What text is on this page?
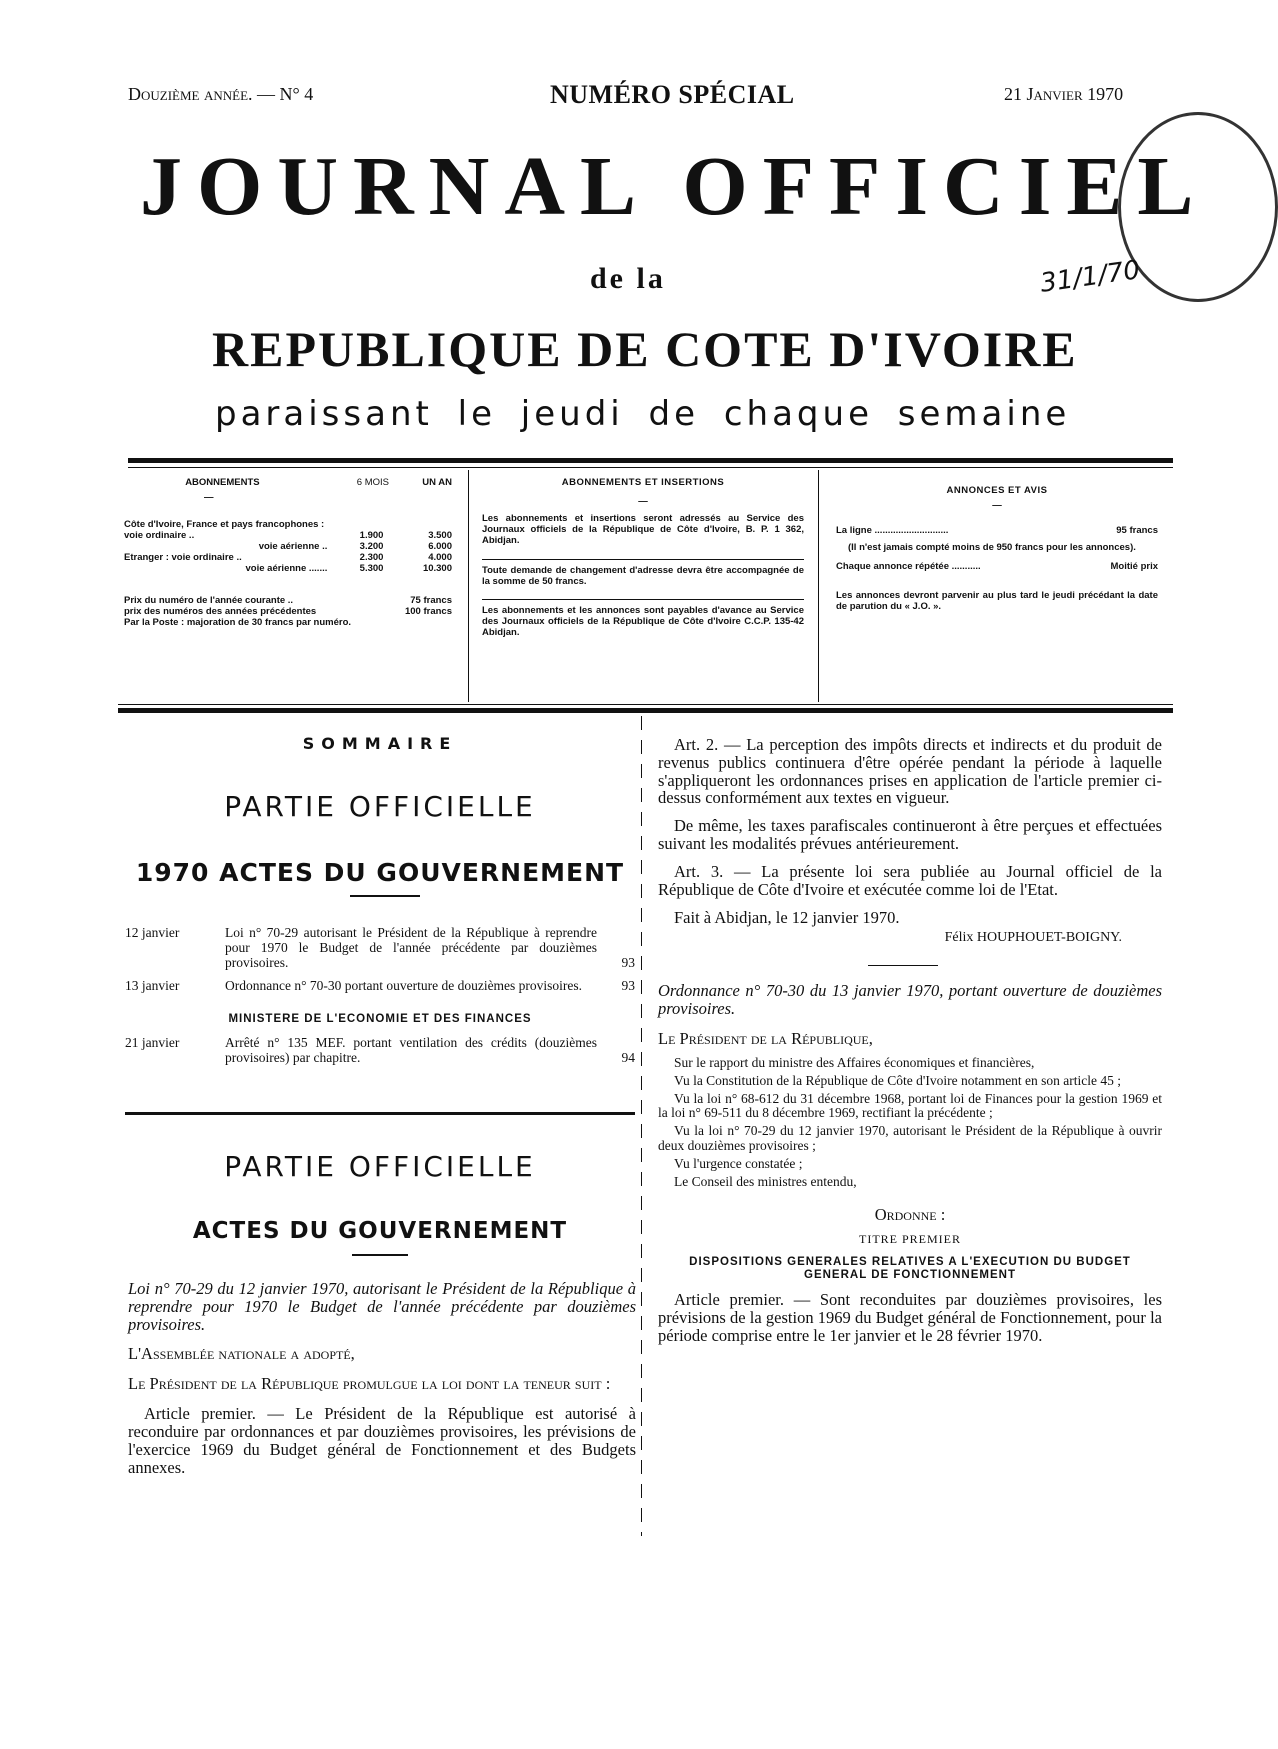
Douzième année. — N° 4	NUMÉRO SPÉCIAL	21 Janvier 1970
JOURNAL OFFICIEL
de la
REPUBLIQUE DE COTE D'IVOIRE
paraissant le jeudi de chaque semaine
31/1/70
ABONNEMENTS	6 MOIS	UN AN
—
Côte d'Ivoire, France et pays francophones : voie ordinaire ..	1.900	3.500
voie aérienne ..	3.200	6.000
Etranger : voie ordinaire ..	2.300	4.000
voie aérienne .......	5.300	10.300
Prix du numéro de l'année courante ..	75 francs
prix des numéros des années précédentes	100 francs
Par la Poste : majoration de 30 francs par numéro.	
ABONNEMENTS ET INSERTIONS
—

Les abonnements et insertions seront adressés au Service des Journaux officiels de la République de Côte d'Ivoire, B. P. 1 362, Abidjan.

Toute demande de changement d'adresse devra être accompagnée de la somme de 50 francs.

Les abonnements et les annonces sont payables d'avance au Service des Journaux officiels de la République de Côte d'Ivoire C.C.P. 135-42 Abidjan.

ANNONCES ET AVIS
—
La ligne ............................	95 francs

(Il n'est jamais compté moins de 950 francs pour les annonces).

Chaque annonce répétée ...........	Moitié prix

Les annonces devront parvenir au plus tard le jeudi précédant la date de parution du « J.O. ».

SOMMAIRE
PARTIE OFFICIELLE
1970 ACTES DU GOUVERNEMENT
12 janvier	Loi n° 70-29 autorisant le Président de la République à reprendre pour 1970 le Budget de l'année précédente par douzièmes provisoires.	93
13 janvier	Ordonnance n° 70-30 portant ouverture de douzièmes provisoires.	93
MINISTERE DE L'ECONOMIE ET DES FINANCES
21 janvier	Arrêté n° 135 MEF. portant ventilation des crédits (douzièmes provisoires) par chapitre.	94
PARTIE OFFICIELLE
ACTES DU GOUVERNEMENT

Loi n° 70-29 du 12 janvier 1970, autorisant le Président de la République à reprendre pour 1970 le Budget de l'année précédente par douzièmes provisoires.

L'Assemblée nationale a adopté,

Le Président de la République promulgue la loi dont la teneur suit :

Article premier. — Le Président de la République est autorisé à reconduire par ordonnances et par douzièmes provisoires, les prévisions de l'exercice 1969 du Budget général de Fonctionnement et des Budgets annexes.

Art. 2. — La perception des impôts directs et indirects et du produit de revenus publics continuera d'être opérée pendant la période à laquelle s'appliqueront les ordonnances prises en application de l'article premier ci-dessus conformément aux textes en vigueur.

De même, les taxes parafiscales continueront à être perçues et effectuées suivant les modalités prévues antérieurement.

Art. 3. — La présente loi sera publiée au Journal officiel de la République de Côte d'Ivoire et exécutée comme loi de l'Etat.

Fait à Abidjan, le 12 janvier 1970.

Félix HOUPHOUET-BOIGNY.

Ordonnance n° 70-30 du 13 janvier 1970, portant ouverture de douzièmes provisoires.

Le Président de la République,

Sur le rapport du ministre des Affaires économiques et financières,

Vu la Constitution de la République de Côte d'Ivoire notamment en son article 45 ;

Vu la loi n° 68-612 du 31 décembre 1968, portant loi de Finances pour la gestion 1969 et la loi n° 69-511 du 8 décembre 1969, rectifiant la précédente ;

Vu la loi n° 70-29 du 12 janvier 1970, autorisant le Président de la République à ouvrir deux douzièmes provisoires ;

Vu l'urgence constatée ;

Le Conseil des ministres entendu,

Ordonne :

TITRE PREMIER

DISPOSITIONS GENERALES RELATIVES A L'EXECUTION DU BUDGET GENERAL DE FONCTIONNEMENT

Article premier. — Sont reconduites par douzièmes provisoires, les prévisions de la gestion 1969 du Budget général de Fonctionnement, pour la période comprise entre le 1er janvier et le 28 février 1970.
